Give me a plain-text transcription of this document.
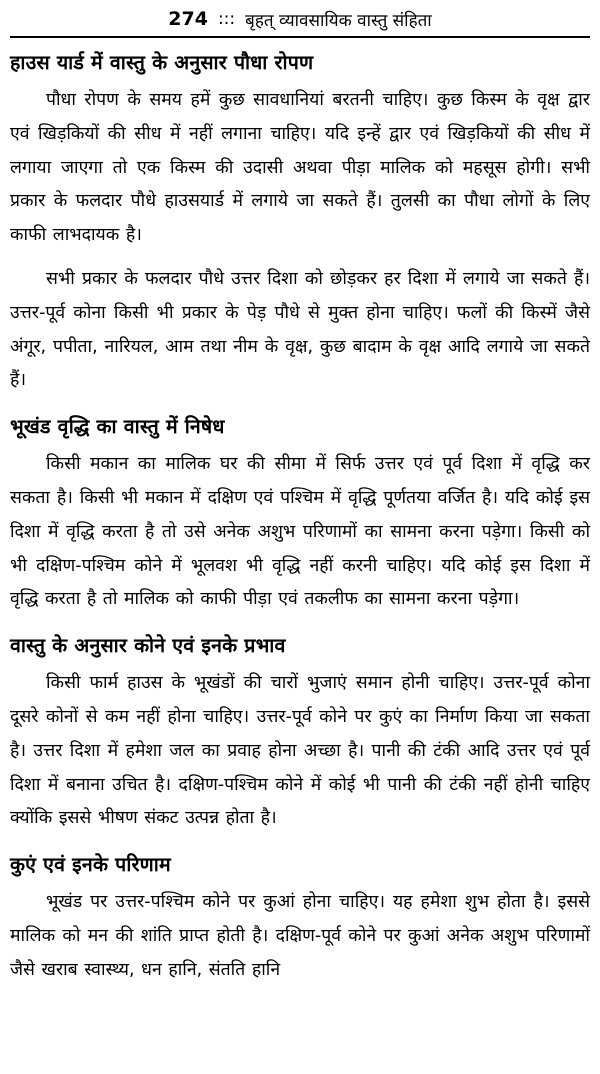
274 ::: बृहत् व्यावसायिक वास्तु संहिता
हाउस यार्ड में वास्तु के अनुसार पौधा रोपण

पौधा रोपण के समय हमें कुछ सावधानियां बरतनी चाहिए। कुछ किस्म के वृक्ष द्वार एवं खिड़कियों की सीध में नहीं लगाना चाहिए। यदि इन्हें द्वार एवं खिड़कियों की सीध में लगाया जाएगा तो एक किस्म की उदासी अथवा पीड़ा मालिक को महसूस होगी। सभी प्रकार के फलदार पौधे हाउसयार्ड में लगाये जा सकते हैं। तुलसी का पौधा लोगों के लिए काफी लाभदायक है।

सभी प्रकार के फलदार पौधे उत्तर दिशा को छोड़कर हर दिशा में लगाये जा सकते हैं। उत्तर-पूर्व कोना किसी भी प्रकार के पेड़ पौधे से मुक्त होना चाहिए। फलों की किस्में जैसे अंगूर, पपीता, नारियल, आम तथा नीम के वृक्ष, कुछ बादाम के वृक्ष आदि लगाये जा सकते हैं।

भूखंड वृद्धि का वास्तु में निषेध

किसी मकान का मालिक घर की सीमा में सिर्फ उत्तर एवं पूर्व दिशा में वृद्धि कर सकता है। किसी भी मकान में दक्षिण एवं पश्चिम में वृद्धि पूर्णतया वर्जित है। यदि कोई इस दिशा में वृद्धि करता है तो उसे अनेक अशुभ परिणामों का सामना करना पड़ेगा। किसी को भी दक्षिण-पश्चिम कोने में भूलवश भी वृद्धि नहीं करनी चाहिए। यदि कोई इस दिशा में वृद्धि करता है तो मालिक को काफी पीड़ा एवं तकलीफ का सामना करना पड़ेगा।

वास्तु के अनुसार कोने एवं इनके प्रभाव

किसी फार्म हाउस के भूखंडों की चारों भुजाएं समान होनी चाहिए। उत्तर-पूर्व कोना दूसरे कोनों से कम नहीं होना चाहिए। उत्तर-पूर्व कोने पर कुएं का निर्माण किया जा सकता है। उत्तर दिशा में हमेशा जल का प्रवाह होना अच्छा है। पानी की टंकी आदि उत्तर एवं पूर्व दिशा में बनाना उचित है। दक्षिण-पश्चिम कोने में कोई भी पानी की टंकी नहीं होनी चाहिए क्योंकि इससे भीषण संकट उत्पन्न होता है।

कुएं एवं इनके परिणाम

भूखंड पर उत्तर-पश्चिम कोने पर कुआं होना चाहिए। यह हमेशा शुभ होता है। इससे मालिक को मन की शांति प्राप्त होती है। दक्षिण-पूर्व कोने पर कुआं अनेक अशुभ परिणामों जैसे खराब स्वास्थ्य, धन हानि, संतति हानि
